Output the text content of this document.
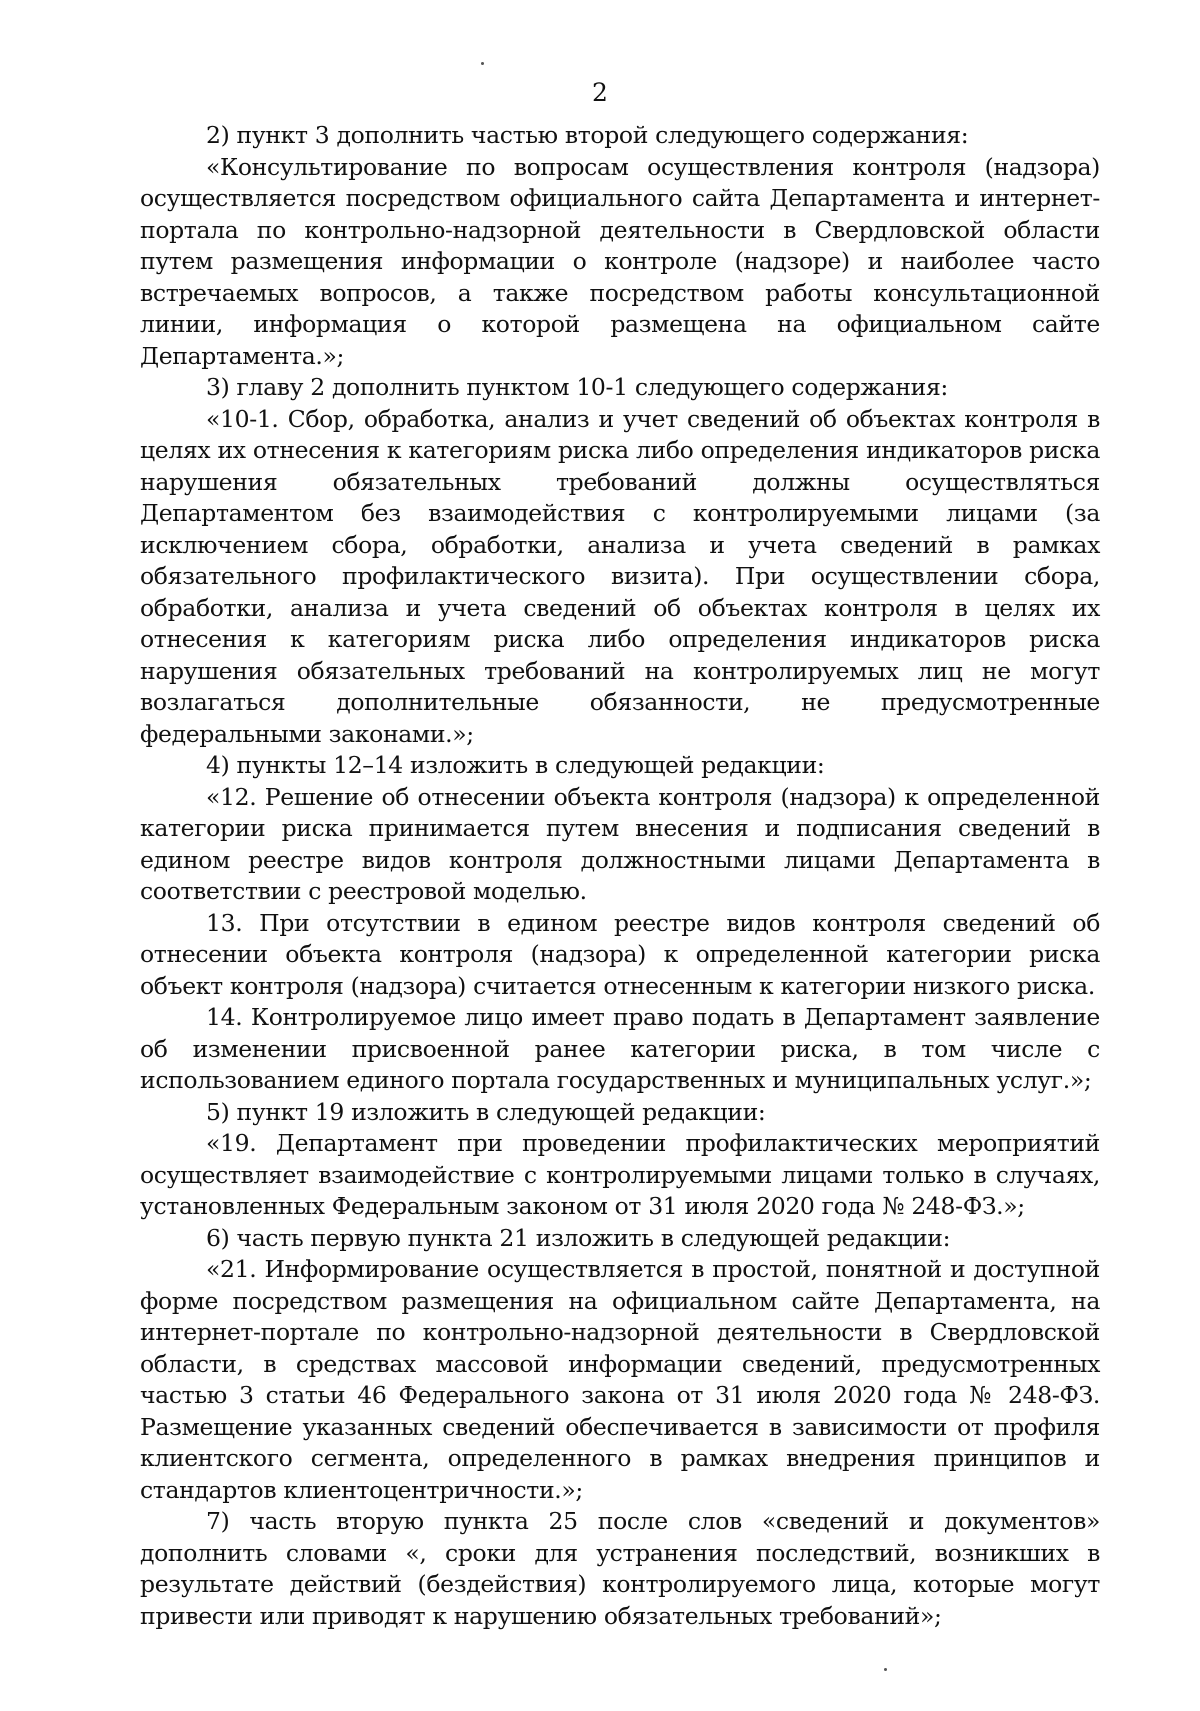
2

2) пункт 3 дополнить частью второй следующего содержания:

«Консультирование по вопросам осуществления контроля (надзора) осуществляется посредством официального сайта Департамента и интернет-портала по контрольно-надзорной деятельности в Свердловской области путем размещения информации о контроле (надзоре) и наиболее часто встречаемых вопросов, а также посредством работы консультационной линии, информация о которой размещена на официальном сайте Департамента.»;

3) главу 2 дополнить пунктом 10-1 следующего содержания:

«10-1. Сбор, обработка, анализ и учет сведений об объектах контроля в целях их отнесения к категориям риска либо определения индикаторов риска нарушения обязательных требований должны осуществляться Департаментом без взаимодействия с контролируемыми лицами (за исключением сбора, обработки, анализа и учета сведений в рамках обязательного профилактического визита). При осуществлении сбора, обработки, анализа и учета сведений об объектах контроля в целях их отнесения к категориям риска либо определения индикаторов риска нарушения обязательных требований на контролируемых лиц не могут возлагаться дополнительные обязанности, не предусмотренные федеральными законами.»;

4) пункты 12–14 изложить в следующей редакции:

«12. Решение об отнесении объекта контроля (надзора) к определенной категории риска принимается путем внесения и подписания сведений в едином реестре видов контроля должностными лицами Департамента в соответствии с реестровой моделью.

13. При отсутствии в едином реестре видов контроля сведений об отнесении объекта контроля (надзора) к определенной категории риска объект контроля (надзора) считается отнесенным к категории низкого риска.

14. Контролируемое лицо имеет право подать в Департамент заявление об изменении присвоенной ранее категории риска, в том числе с использованием единого портала государственных и муниципальных услуг.»;

5) пункт 19 изложить в следующей редакции:

«19. Департамент при проведении профилактических мероприятий осуществляет взаимодействие с контролируемыми лицами только в случаях, установленных Федеральным законом от 31 июля 2020 года № 248-ФЗ.»;

6) часть первую пункта 21 изложить в следующей редакции:

«21. Информирование осуществляется в простой, понятной и доступной форме посредством размещения на официальном сайте Департамента, на интернет-портале по контрольно-надзорной деятельности в Свердловской области, в средствах массовой информации сведений, предусмотренных частью 3 статьи 46 Федерального закона от 31 июля 2020 года № 248-ФЗ. Размещение указанных сведений обеспечивается в зависимости от профиля клиентского сегмента, определенного в рамках внедрения принципов и стандартов клиентоцентричности.»;

7) часть вторую пункта 25 после слов «сведений и документов» дополнить словами «, сроки для устранения последствий, возникших в результате действий (бездействия) контролируемого лица, которые могут привести или приводят к нарушению обязательных требований»;
